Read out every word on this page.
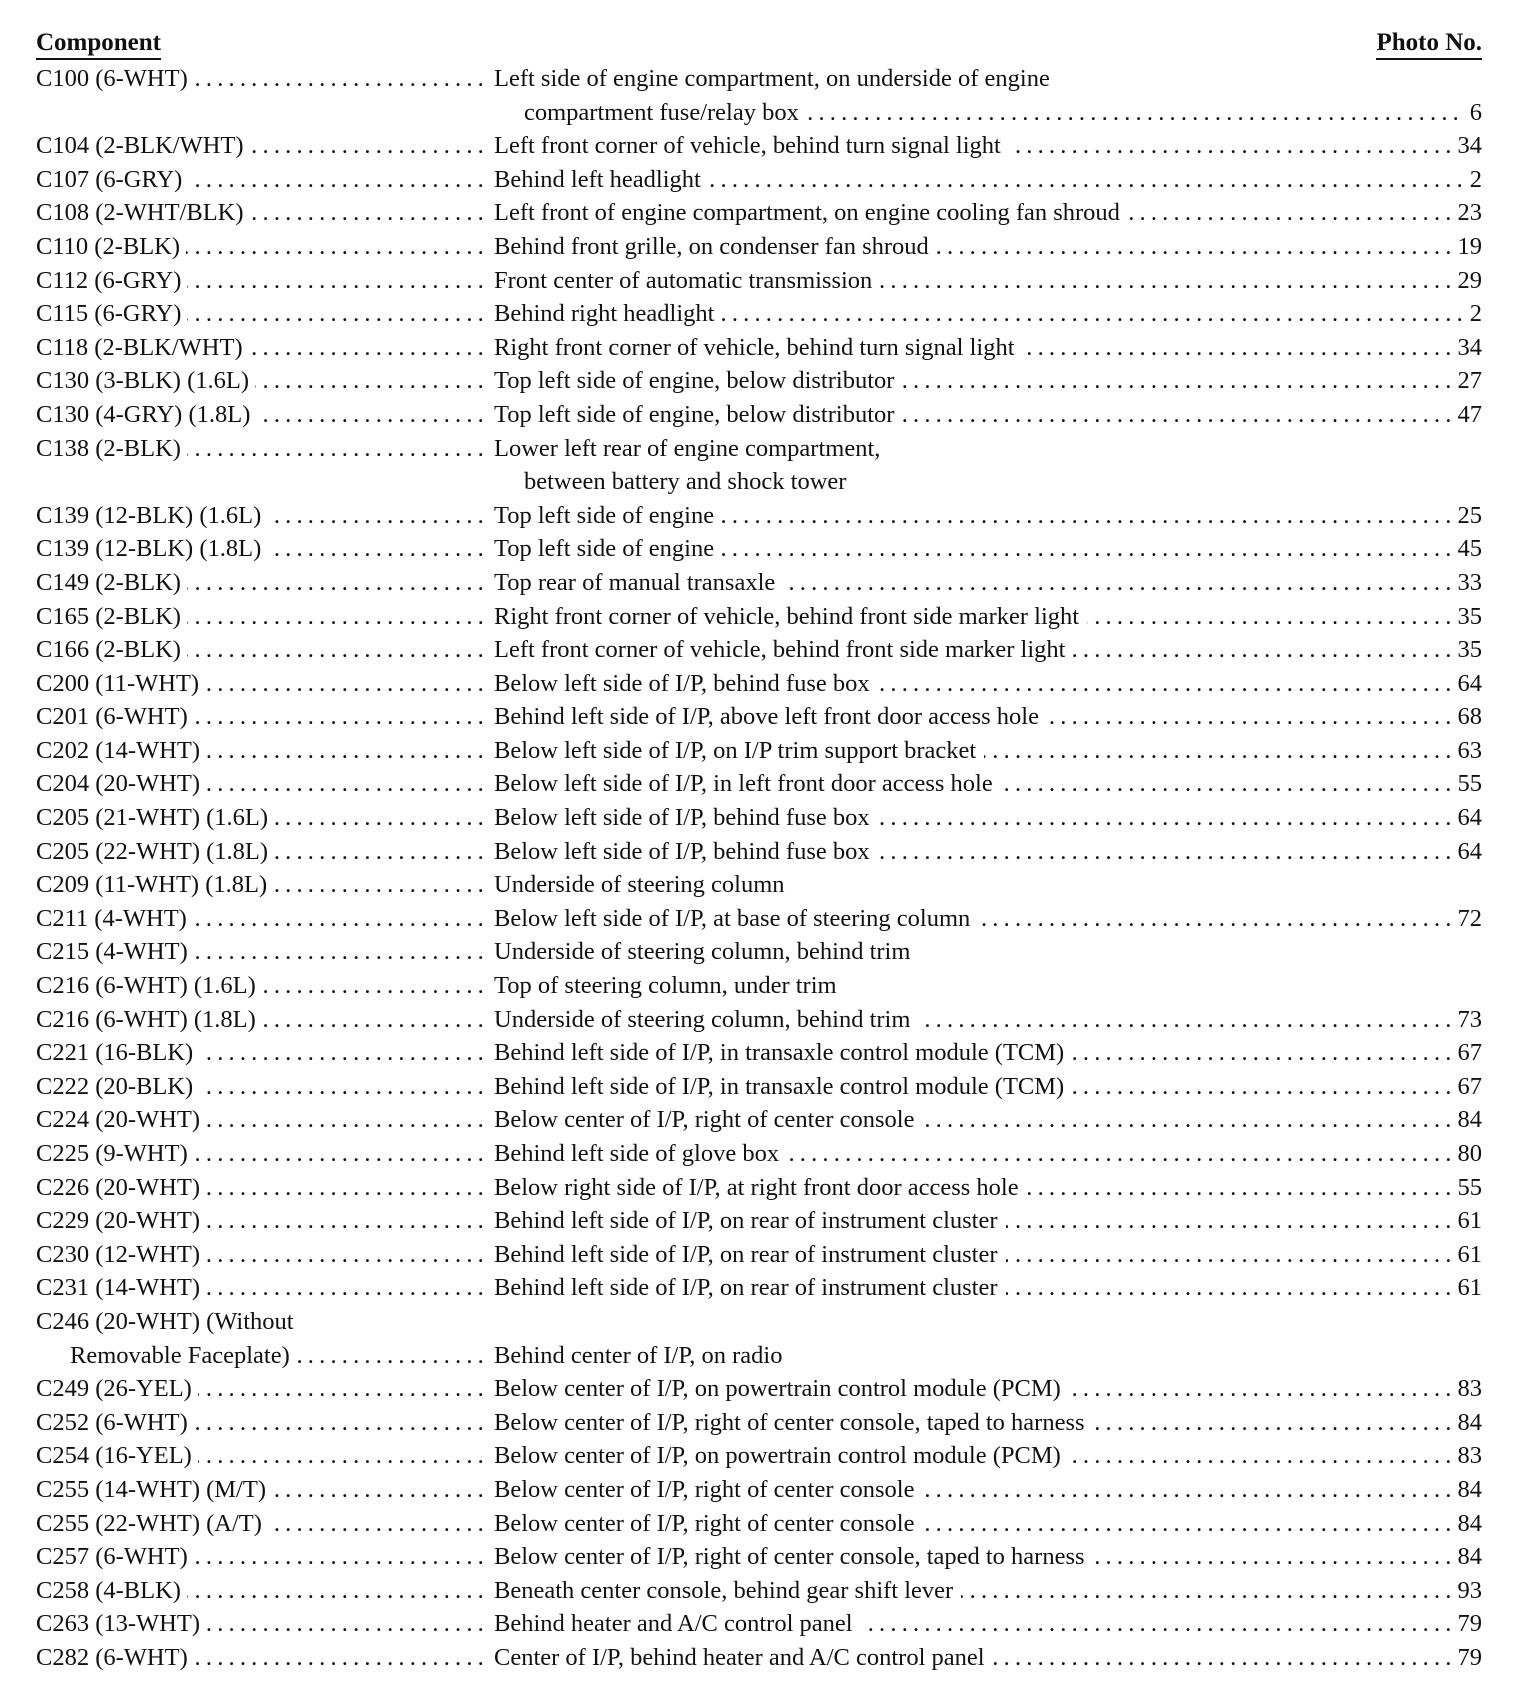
Component	Photo No.
.....
C100 (6-WHT)	Left side of engine compartment, on underside of engine
.....
compartment fuse/relay box	6
.....
C104 (2-BLK/WHT) .....	Left front corner of vehicle, behind turn signal light	34
.....
C107 (6-GRY) .....	Behind left headlight	2
.....
C108 (2-WHT/BLK) .....	Left front of engine compartment, on engine cooling fan shroud	23
.....
C110 (2-BLK) .....	Behind front grille, on condenser fan shroud	19
.....
C112 (6-GRY) .....	Front center of automatic transmission	29
.....
C115 (6-GRY) .....	Behind right headlight	2
.....
C118 (2-BLK/WHT) .....	Right front corner of vehicle, behind turn signal light	34
.....
C130 (3-BLK) (1.6L) .....	Top left side of engine, below distributor	27
.....
C130 (4-GRY) (1.8L) .....	Top left side of engine, below distributor	47
.....
C138 (2-BLK)	Lower left rear of engine compartment,
between battery and shock tower
.....
C139 (12-BLK) (1.6L) .....	Top left side of engine	25
.....
C139 (12-BLK) (1.8L) .....	Top left side of engine	45
.....
C149 (2-BLK) .....	Top rear of manual transaxle	33
.....
C165 (2-BLK) .....	Right front corner of vehicle, behind front side marker light	35
.....
C166 (2-BLK) .....	Left front corner of vehicle, behind front side marker light	35
.....
C200 (11-WHT) .....	Below left side of I/P, behind fuse box	64
.....
C201 (6-WHT) .....	Behind left side of I/P, above left front door access hole	68
.....
C202 (14-WHT) .....	Below left side of I/P, on I/P trim support bracket	63
.....
C204 (20-WHT) .....	Below left side of I/P, in left front door access hole	55
.....
C205 (21-WHT) (1.6L) .....	Below left side of I/P, behind fuse box	64
.....
C205 (22-WHT) (1.8L) .....	Below left side of I/P, behind fuse box	64
.....
C209 (11-WHT) (1.8L)	Underside of steering column
.....
C211 (4-WHT) .....	Below left side of I/P, at base of steering column	72
.....
C215 (4-WHT)	Underside of steering column, behind trim
.....
C216 (6-WHT) (1.6L)	Top of steering column, under trim
.....
C216 (6-WHT) (1.8L) .....	Underside of steering column, behind trim	73
.....
C221 (16-BLK) .....	Behind left side of I/P, in transaxle control module (TCM)	67
.....
C222 (20-BLK) .....	Behind left side of I/P, in transaxle control module (TCM)	67
.....
C224 (20-WHT) .....	Below center of I/P, right of center console	84
.....
C225 (9-WHT) .....	Behind left side of glove box	80
.....
C226 (20-WHT) .....	Below right side of I/P, at right front door access hole	55
.....
C229 (20-WHT) .....	Behind left side of I/P, on rear of instrument cluster	61
.....
C230 (12-WHT) .....	Behind left side of I/P, on rear of instrument cluster	61
.....
C231 (14-WHT) .....	Behind left side of I/P, on rear of instrument cluster	61
C246 (20-WHT) (Without
.....
Removable Faceplate)	Behind center of I/P, on radio
.....
C249 (26-YEL) .....	Below center of I/P, on powertrain control module (PCM)	83
.....
C252 (6-WHT) .....	Below center of I/P, right of center console, taped to harness	84
.....
C254 (16-YEL) .....	Below center of I/P, on powertrain control module (PCM)	83
.....
C255 (14-WHT) (M/T) .....	Below center of I/P, right of center console	84
.....
C255 (22-WHT) (A/T) .....	Below center of I/P, right of center console	84
.....
C257 (6-WHT) .....	Below center of I/P, right of center console, taped to harness	84
.....
C258 (4-BLK) .....	Beneath center console, behind gear shift lever	93
.....
C263 (13-WHT) .....	Behind heater and A/C control panel	79
.....
C282 (6-WHT) .....	Center of I/P, behind heater and A/C control panel	79
